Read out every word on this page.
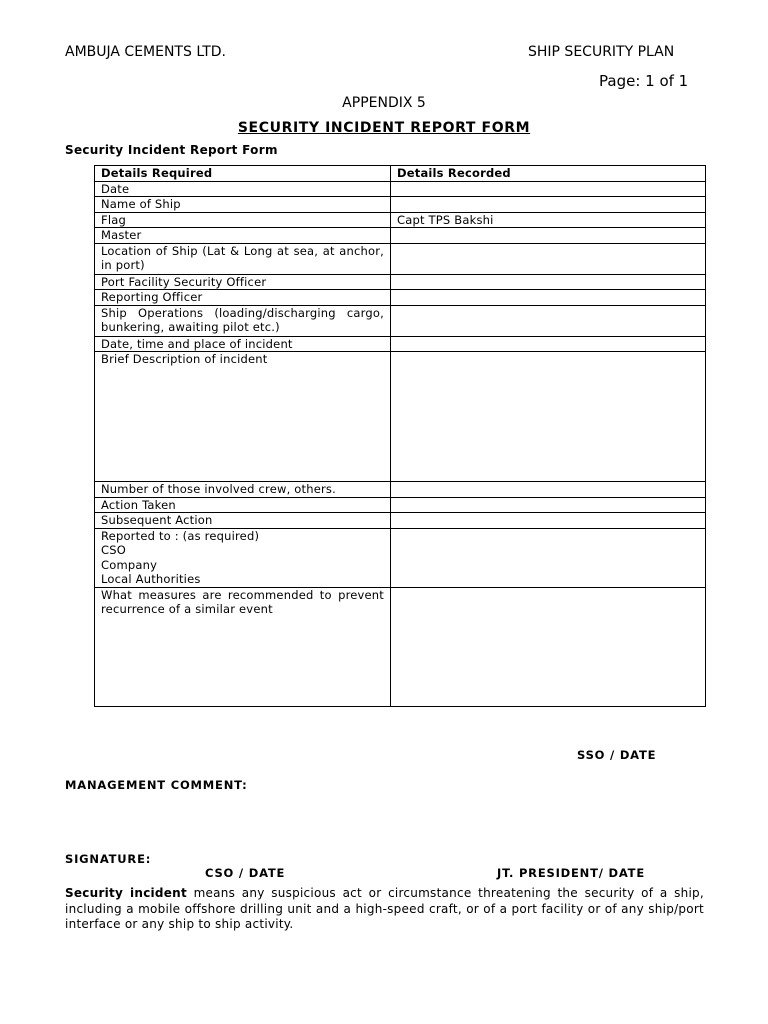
AMBUJA CEMENTS LTD.	SHIP SECURITY PLAN
Page: 1 of 1
APPENDIX 5
SECURITY INCIDENT REPORT FORM
Security Incident Report Form
Details Required	Details Recorded
Date	
Name of Ship	
Flag	Capt TPS Bakshi
Master	
Location of Ship (Lat & Long at sea, at anchor, in port)	
Port Facility Security Officer	
Reporting Officer	
Ship Operations (loading/discharging cargo, bunkering, awaiting pilot etc.)	
Date, time and place of incident	
Brief Description of incident	
Number of those involved crew, others.	
Action Taken	
Subsequent Action	

Reported to : (as required)
CSO
Company
Local Authorities	

What measures are recommended to prevent recurrence of a similar event	
SSO / DATE
MANAGEMENT COMMENT:
SIGNATURE:
CSO / DATE	JT. PRESIDENT/ DATE
Security incident means any suspicious act or circumstance threatening the security of a ship, including a mobile offshore drilling unit and a high-speed craft, or of a port facility or of any ship/port interface or any ship to ship activity.
